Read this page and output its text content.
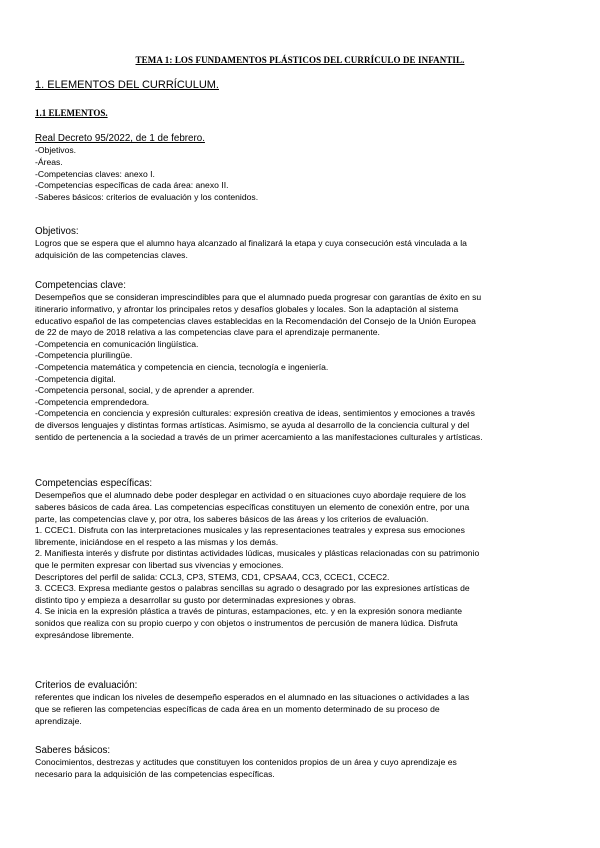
TEMA 1: LOS FUNDAMENTOS PLÁSTICOS DEL CURRÍCULO DE INFANTIL.
1. ELEMENTOS DEL CURRÍCULUM.
1.1 ELEMENTOS.

Real Decreto 95/2022, de 1 de febrero.

-Objetivos.

-Áreas.

-Competencias claves: anexo I.

-Competencias específicas de cada área: anexo II.

-Saberes básicos: criterios de evaluación y los contenidos.

Objetivos:

Logros que se espera que el alumno haya alcanzado al finalizará la etapa y cuya consecución está vinculada a la

adquisición de las competencias claves.

Competencias clave:

Desempeños que se consideran imprescindibles para que el alumnado pueda progresar con garantías de éxito en su

itinerario informativo, y afrontar los principales retos y desafíos globales y locales. Son la adaptación al sistema

educativo español de las competencias claves establecidas en la Recomendación del Consejo de la Unión Europea

de 22 de mayo de 2018 relativa a las competencias clave para el aprendizaje permanente.

-Competencia en comunicación lingüística.

-Competencia plurilingüe.

-Competencia matemática y competencia en ciencia, tecnología e ingeniería.

-Competencia digital.

-Competencia personal, social, y de aprender a aprender.

-Competencia emprendedora.

-Competencia en conciencia y expresión culturales: expresión creativa de ideas, sentimientos y emociones a través

de diversos lenguajes y distintas formas artísticas. Asimismo, se ayuda al desarrollo de la conciencia cultural y del

sentido de pertenencia a la sociedad a través de un primer acercamiento a las manifestaciones culturales y artísticas.

Competencias específicas:

Desempeños que el alumnado debe poder desplegar en actividad o en situaciones cuyo abordaje requiere de los

saberes básicos de cada área. Las competencias específicas constituyen un elemento de conexión entre, por una

parte, las competencias clave y, por otra, los saberes básicos de las áreas y los criterios de evaluación.

1. CCEC1. Disfruta con las interpretaciones musicales y las representaciones teatrales y expresa sus emociones

libremente, iniciándose en el respeto a las mismas y los demás.

2. Manifiesta interés y disfrute por distintas actividades lúdicas, musicales y plásticas relacionadas con su patrimonio

que le permiten expresar con libertad sus vivencias y emociones.

Descriptores del perfil de salida: CCL3, CP3, STEM3, CD1, CPSAA4, CC3, CCEC1, CCEC2.

3. CCEC3. Expresa mediante gestos o palabras sencillas su agrado o desagrado por las expresiones artísticas de

distinto tipo y empieza a desarrollar su gusto por determinadas expresiones y obras.

4. Se inicia en la expresión plástica a través de pinturas, estampaciones, etc. y en la expresión sonora mediante

sonidos que realiza con su propio cuerpo y con objetos o instrumentos de percusión de manera lúdica. Disfruta

expresándose libremente.

Criterios de evaluación:

referentes que indican los niveles de desempeño esperados en el alumnado en las situaciones o actividades a las

que se refieren las competencias específicas de cada área en un momento determinado de su proceso de

aprendizaje.

Saberes básicos:

Conocimientos, destrezas y actitudes que constituyen los contenidos propios de un área y cuyo aprendizaje es

necesario para la adquisición de las competencias específicas.
